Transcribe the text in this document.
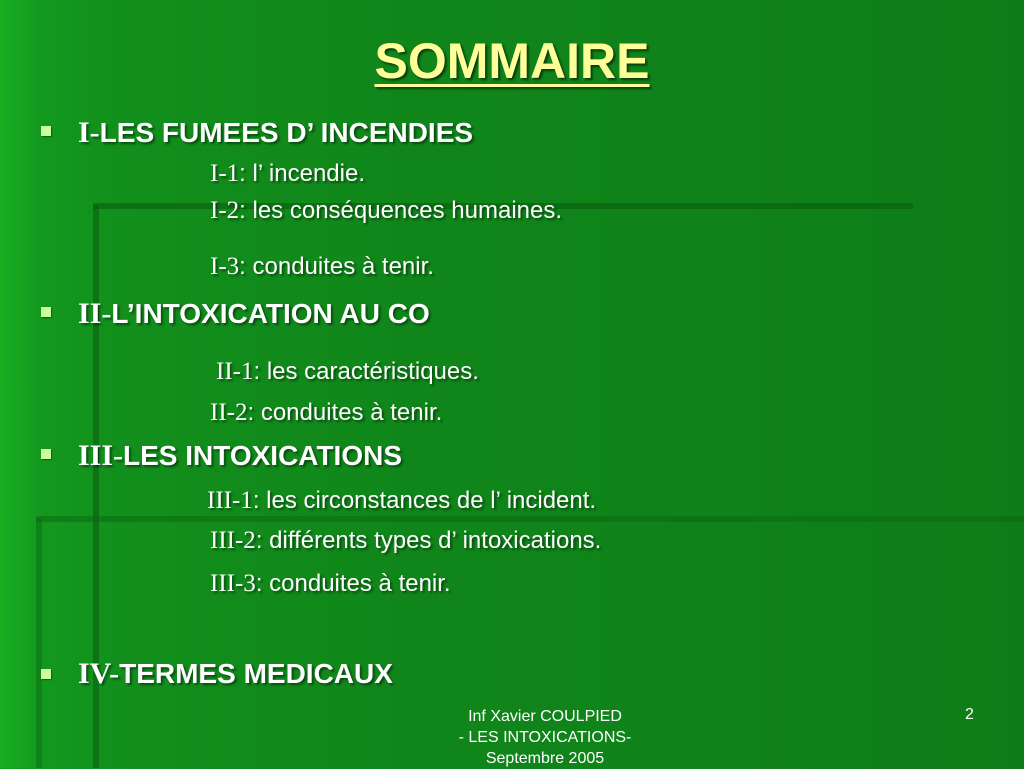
SOMMAIRE
I-LES FUMEES D’ INCENDIES
I-1: l’ incendie.
I-2: les conséquences humaines.
I-3: conduites à tenir.
II-L’INTOXICATION AU CO
II-1: les caractéristiques.
II-2: conduites à tenir.
III-LES INTOXICATIONS
III-1: les circonstances de l’ incident.
III-2: différents types d’ intoxications.
III-3: conduites à tenir.
IV-TERMES MEDICAUX
Inf Xavier COULPIED
- LES INTOXICATIONS-
Septembre 2005
2
